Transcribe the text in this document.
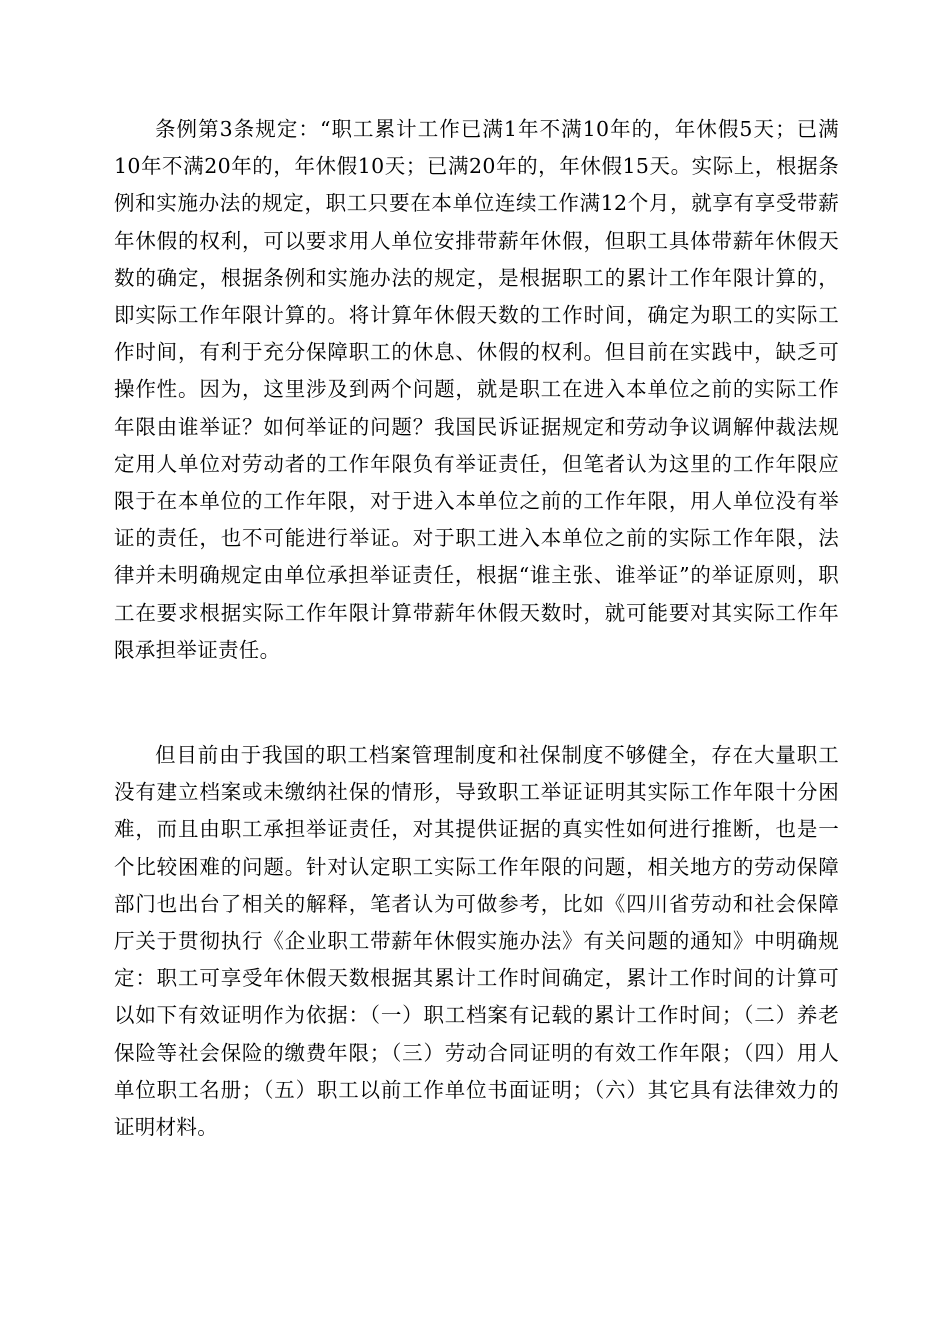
条例第3条规定：“职工累计工作已满1年不满10年的，年休假5天；已满10年不满20年的，年休假10天；已满20年的，年休假15天。实际上，根据条例和实施办法的规定，职工只要在本单位连续工作满12个月，就享有享受带薪年休假的权利，可以要求用人单位安排带薪年休假，但职工具体带薪年休假天数的确定，根据条例和实施办法的规定，是根据职工的累计工作年限计算的，即实际工作年限计算的。将计算年休假天数的工作时间，确定为职工的实际工作时间，有利于充分保障职工的休息、休假的权利。但目前在实践中，缺乏可操作性。因为，这里涉及到两个问题，就是职工在进入本单位之前的实际工作年限由谁举证？如何举证的问题？我国民诉证据规定和劳动争议调解仲裁法规定用人单位对劳动者的工作年限负有举证责任，但笔者认为这里的工作年限应限于在本单位的工作年限，对于进入本单位之前的工作年限，用人单位没有举证的责任，也不可能进行举证。对于职工进入本单位之前的实际工作年限，法律并未明确规定由单位承担举证责任，根据“谁主张、谁举证”的举证原则，职工在要求根据实际工作年限计算带薪年休假天数时，就可能要对其实际工作年限承担举证责任。

但目前由于我国的职工档案管理制度和社保制度不够健全，存在大量职工没有建立档案或未缴纳社保的情形，导致职工举证证明其实际工作年限十分困难，而且由职工承担举证责任，对其提供证据的真实性如何进行推断，也是一个比较困难的问题。针对认定职工实际工作年限的问题，相关地方的劳动保障部门也出台了相关的解释，笔者认为可做参考，比如《四川省劳动和社会保障厅关于贯彻执行《企业职工带薪年休假实施办法》有关问题的通知》中明确规定：职工可享受年休假天数根据其累计工作时间确定，累计工作时间的计算可以如下有效证明作为依据：（一）职工档案有记载的累计工作时间；（二）养老保险等社会保险的缴费年限；（三）劳动合同证明的有效工作年限；（四）用人单位职工名册；（五）职工以前工作单位书面证明；（六）其它具有法律效力的证明材料。
